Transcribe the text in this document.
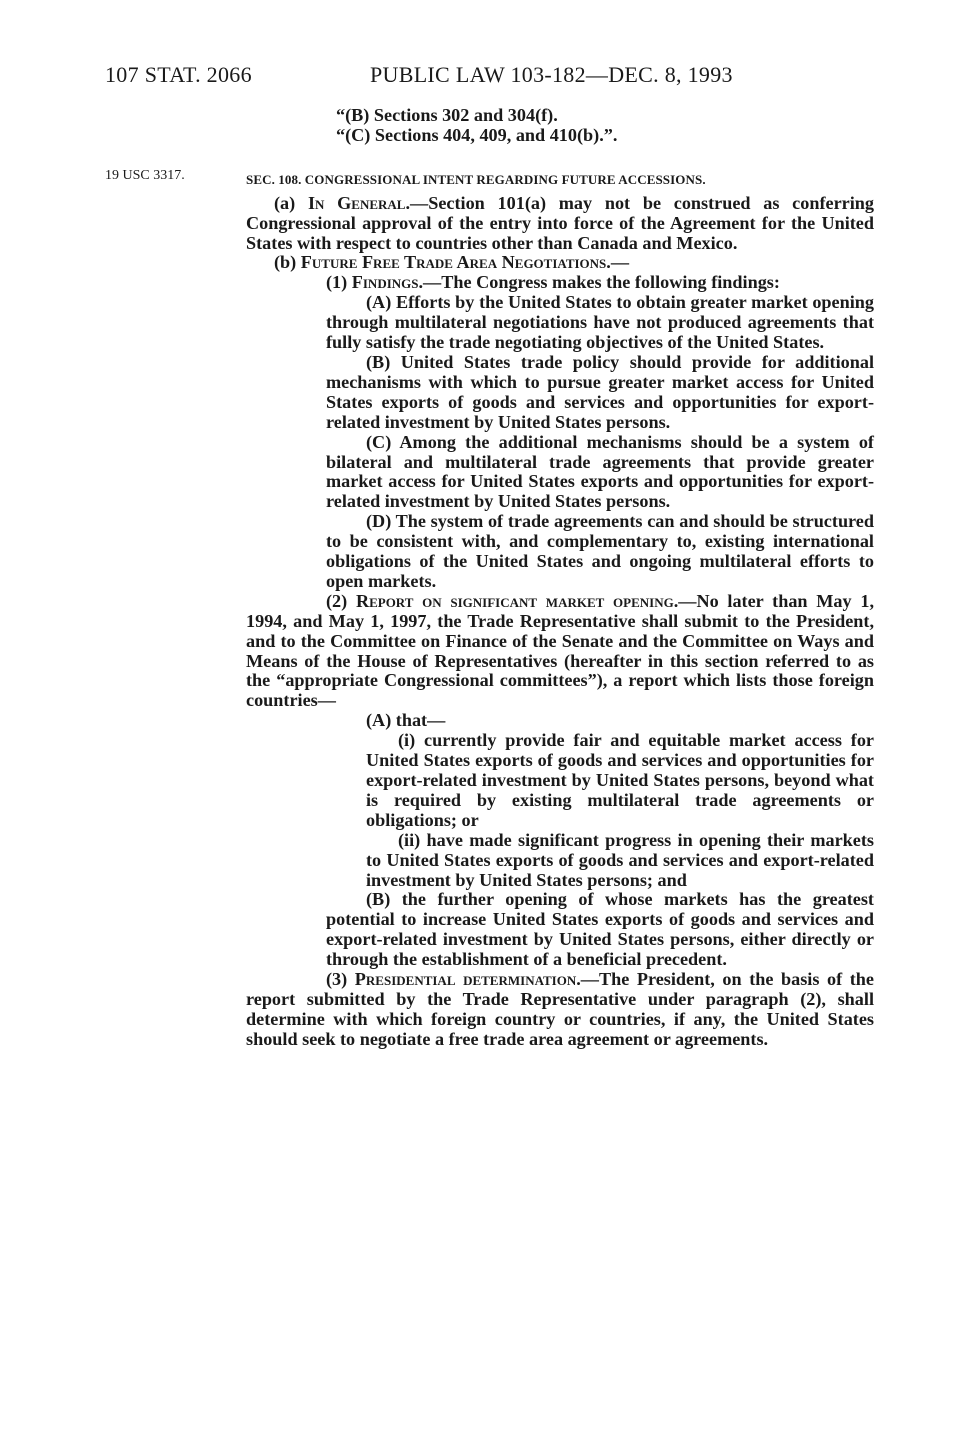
107 STAT. 2066	PUBLIC LAW 103-182—DEC. 8, 1993
19 USC 3317.

“(B) Sections 302 and 304(f).

“(C) Sections 404, 409, and 410(b).”.

SEC. 108. CONGRESSIONAL INTENT REGARDING FUTURE ACCESSIONS.

(a) In General.—Section 101(a) may not be construed as conferring Congressional approval of the entry into force of the Agreement for the United States with respect to countries other than Canada and Mexico.

(b) Future Free Trade Area Negotiations.—

(1) Findings.—The Congress makes the following findings:

(A) Efforts by the United States to obtain greater market opening through multilateral negotiations have not produced agreements that fully satisfy the trade negotiating objectives of the United States.

(B) United States trade policy should provide for additional mechanisms with which to pursue greater market access for United States exports of goods and services and opportunities for export-related investment by United States persons.

(C) Among the additional mechanisms should be a system of bilateral and multilateral trade agreements that provide greater market access for United States exports and opportunities for export-related investment by United States persons.

(D) The system of trade agreements can and should be structured to be consistent with, and complementary to, existing international obligations of the United States and ongoing multilateral efforts to open markets.

(2) Report on significant market opening.—No later than May 1, 1994, and May 1, 1997, the Trade Representative shall submit to the President, and to the Committee on Finance of the Senate and the Committee on Ways and Means of the House of Representatives (hereafter in this section referred to as the “appropriate Congressional committees”), a report which lists those foreign countries—

(A) that—

(i) currently provide fair and equitable market access for United States exports of goods and services and opportunities for export-related investment by United States persons, beyond what is required by existing multilateral trade agreements or obligations; or

(ii) have made significant progress in opening their markets to United States exports of goods and services and export-related investment by United States persons; and

(B) the further opening of whose markets has the greatest potential to increase United States exports of goods and services and export-related investment by United States persons, either directly or through the establishment of a beneficial precedent.

(3) Presidential determination.—The President, on the basis of the report submitted by the Trade Representative under paragraph (2), shall determine with which foreign country or countries, if any, the United States should seek to negotiate a free trade area agreement or agreements.
